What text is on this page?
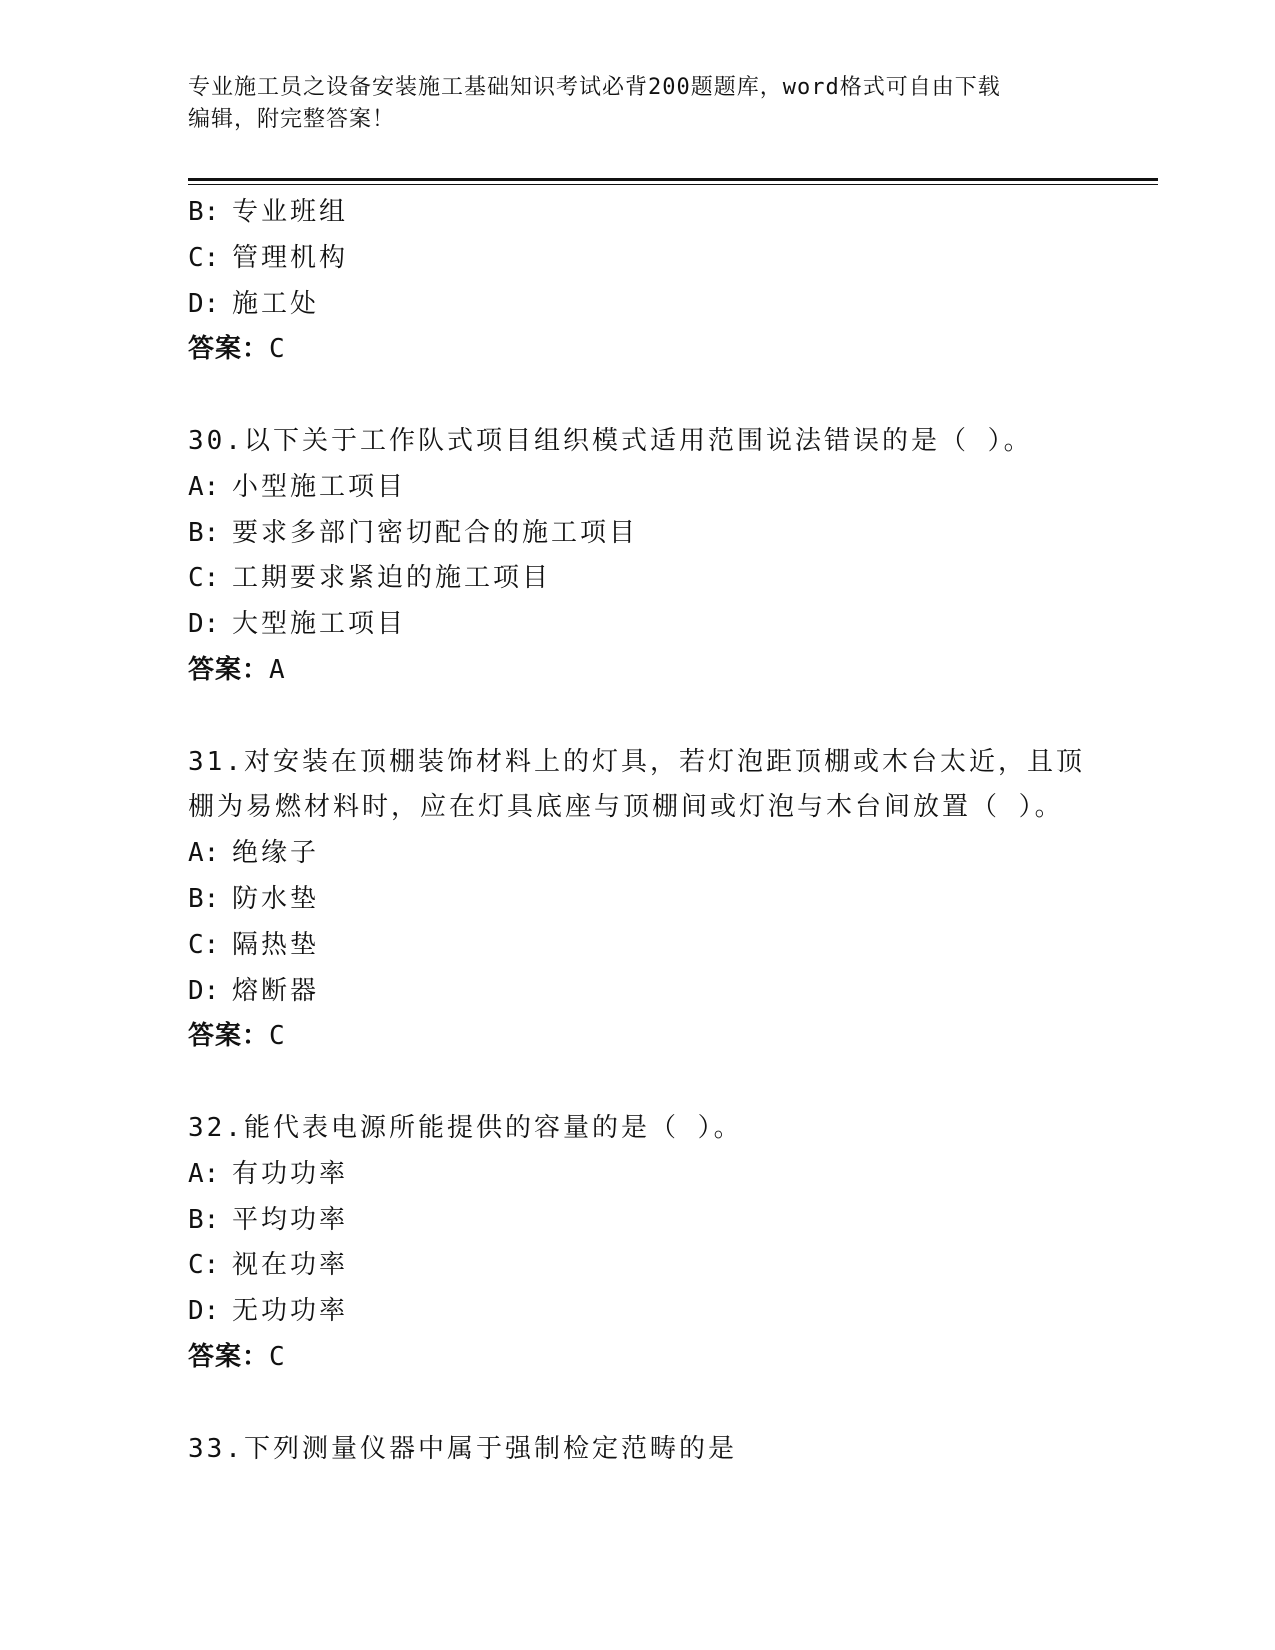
专业施工员之设备安装施工基础知识考试必背200题题库，word格式可自由下载
编辑，附完整答案！
B: 专业班组
C: 管理机构
D: 施工处
答案：C
30.以下关于工作队式项目组织模式适用范围说法错误的是（ ）。
A: 小型施工项目
B: 要求多部门密切配合的施工项目
C: 工期要求紧迫的施工项目
D: 大型施工项目
答案：A
31.对安装在顶棚装饰材料上的灯具，若灯泡距顶棚或木台太近，且顶
棚为易燃材料时，应在灯具底座与顶棚间或灯泡与木台间放置（ ）。
A: 绝缘子
B: 防水垫
C: 隔热垫
D: 熔断器
答案：C
32.能代表电源所能提供的容量的是（ ）。
A: 有功功率
B: 平均功率
C: 视在功率
D: 无功功率
答案：C
33.下列测量仪器中属于强制检定范畴的是
